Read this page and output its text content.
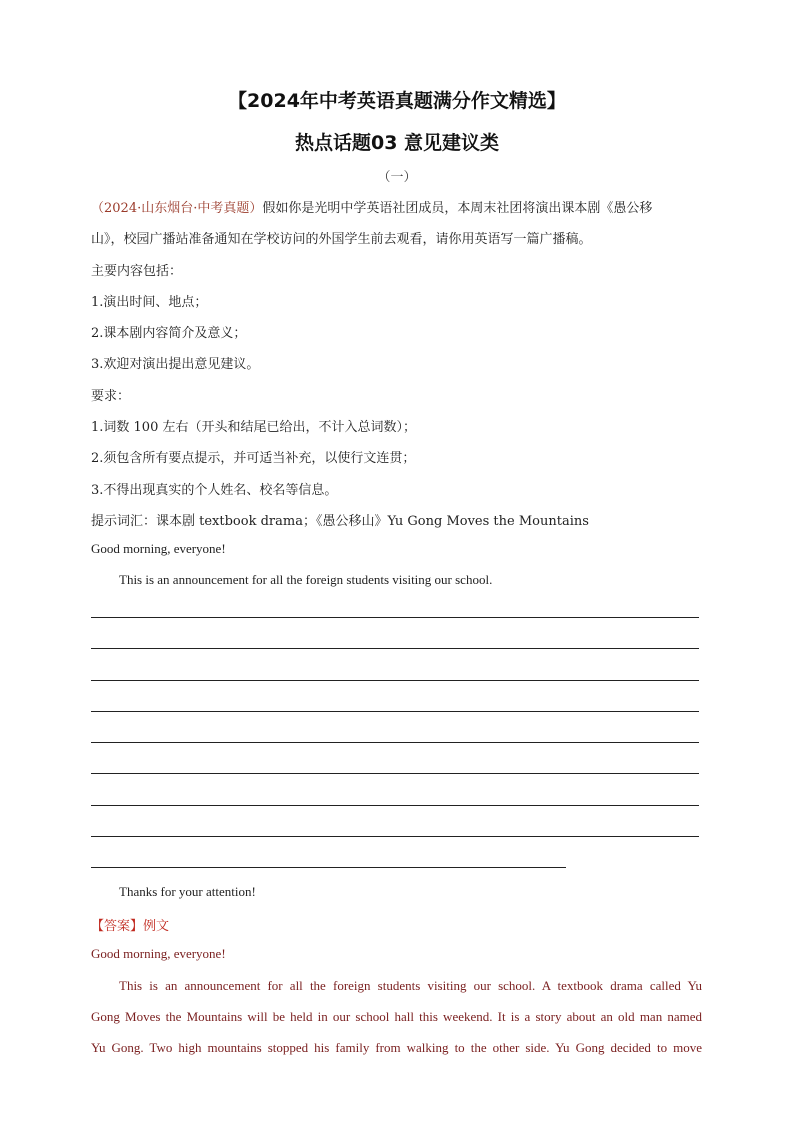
【2024年中考英语真题满分作文精选】
热点话题03 意见建议类
（一）
（2024·山东烟台·中考真题）假如你是光明中学英语社团成员，本周末社团将演出课本剧《愚公移
山》，校园广播站准备通知在学校访问的外国学生前去观看，请你用英语写一篇广播稿。
主要内容包括：
1.演出时间、地点；
2.课本剧内容简介及意义；
3.欢迎对演出提出意见建议。
要求：
1.词数 100 左右（开头和结尾已给出，不计入总词数）；
2.须包含所有要点提示，并可适当补充，以使行文连贯；
3.不得出现真实的个人姓名、校名等信息。
提示词汇：课本剧 textbook drama；《愚公移山》Yu Gong Moves the Mountains
Good morning, everyone!
This is an announcement for all the foreign students visiting our school.
Thanks for your attention!
【答案】例文
Good morning, everyone!
This is an announcement for all the foreign students visiting our school. A textbook drama called Yu
Gong Moves the Mountains will be held in our school hall this weekend. It is a story about an old man named
Yu Gong. Two high mountains stopped his family from walking to the other side. Yu Gong decided to move
